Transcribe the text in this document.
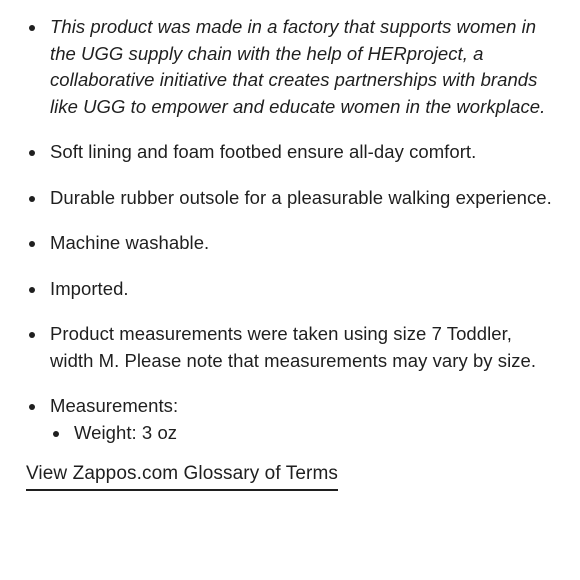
This product was made in a factory that supports women in the UGG supply chain with the help of HERproject, a collaborative initiative that creates partnerships with brands like UGG to empower and educate women in the workplace.
Soft lining and foam footbed ensure all-day comfort.
Durable rubber outsole for a pleasurable walking experience.
Machine washable.
Imported.
Product measurements were taken using size 7 Toddler, width M. Please note that measurements may vary by size.
Measurements:
Weight: 3 oz
View Zappos.com Glossary of Terms
